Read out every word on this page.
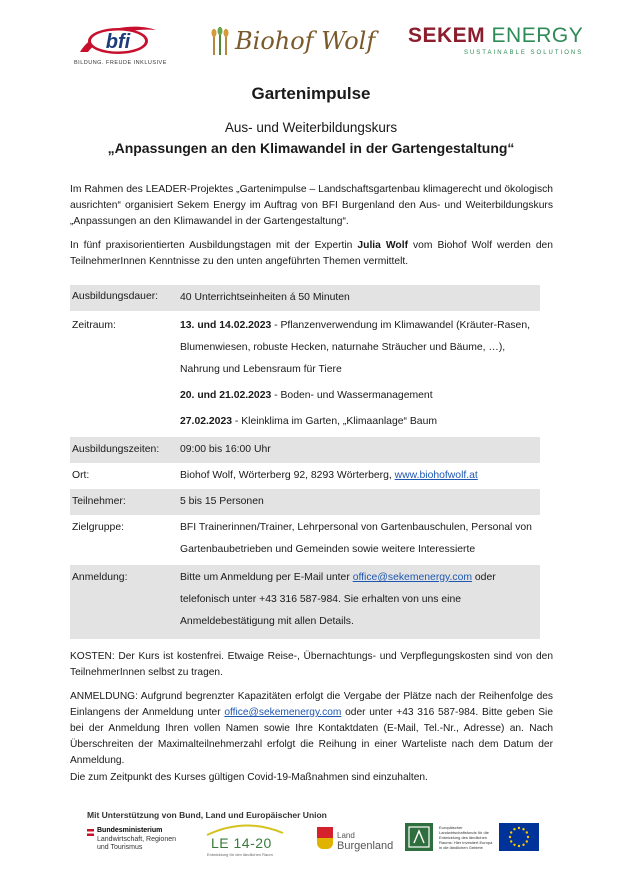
bfi
BILDUNG. FREUDE INKLUSIVE
Biohof Wolf SEKEM ENERGY
SUSTAINABLE SOLUTIONS
Gartenimpulse
Aus- und Weiterbildungskurs
„Anpassungen an den Klimawandel in der Gartengestaltung“

Im Rahmen des LEADER-Projektes „Gartenimpulse – Landschaftsgartenbau klimagerecht und ökologisch ausrichten“ organisiert Sekem Energy im Auftrag von BFI Burgenland den Aus- und Weiterbildungskurs „Anpassungen an den Klimawandel in der Gartengestaltung“.

In fünf praxisorientierten Ausbildungstagen mit der Expertin Julia Wolf vom Biohof Wolf werden den TeilnehmerInnen Kenntnisse zu den unten angeführten Themen vermittelt.

Ausbildungsdauer: 40 Unterrichtseinheiten á 50 Minuten
Zeitraum:	13. und 14.02.2023 - Pflanzenverwendung im Klimawandel (Kräuter-Rasen, Blumenwiesen, robuste Hecken, naturnahe Sträucher und Bäume, …), Nahrung und Lebensraum für Tiere
20. und 21.02.2023 - Boden- und Wassermanagement
27.02.2023 - Kleinklima im Garten, „Klimaanlage“ Baum
Ausbildungszeiten: 09:00 bis 16:00 Uhr
Ort:	Biohof Wolf, Wörterberg 92, 8293 Wörterberg, www.biohofwolf.at
Teilnehmer:	5 bis 15 Personen
Zielgruppe:	BFI Trainerinnen/Trainer, Lehrpersonal von Gartenbauschulen, Personal von Gartenbaubetrieben und Gemeinden sowie weitere Interessierte
Anmeldung:	Bitte um Anmeldung per E-Mail unter office@sekemenergy.com oder telefonisch unter +43 316 587-984. Sie erhalten von uns eine Anmeldebestätigung mit allen Details.

KOSTEN: Der Kurs ist kostenfrei. Etwaige Reise-, Übernachtungs- und Verpflegungskosten sind von den TeilnehmerInnen selbst zu tragen.

ANMELDUNG: Aufgrund begrenzter Kapazitäten erfolgt die Vergabe der Plätze nach der Reihenfolge des Einlangens der Anmeldung unter office@sekemenergy.com oder unter +43 316 587-984. Bitte geben Sie bei der Anmeldung Ihren vollen Namen sowie Ihre Kontaktdaten (E-Mail, Tel.-Nr., Adresse) an. Nach Überschreiten der Maximalteilnehmerzahl erfolgt die Reihung in einer Warteliste nach dem Datum der Anmeldung.

Die zum Zeitpunkt des Kurses gültigen Covid-19-Maßnahmen sind einzuhalten.

Mit Unterstützung von Bund, Land und Europäischer Union
Bundesministerium
Landwirtschaft, Regionen
und Tourismus	LE 14-20
Entwicklung für den ländlichen Raum
Land
Burgenland
Europäischer Landwirtschaftsfonds für die Entwicklung des ländlichen Raums: Hier investiert Europa in die ländlichen Gebiete
